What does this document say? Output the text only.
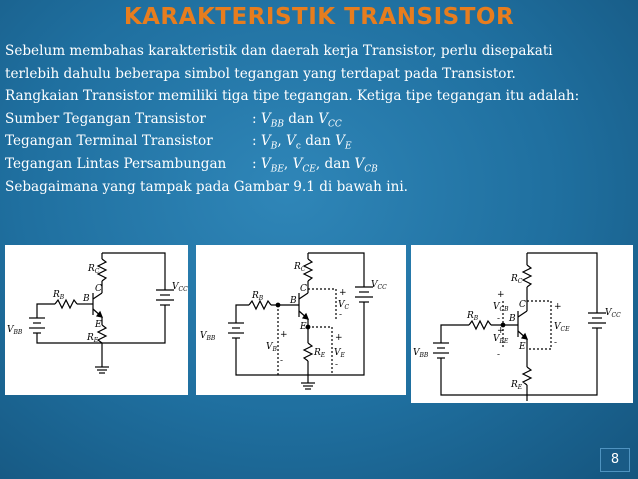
KARAKTERISTIK TRANSISTOR
Sebelum membahas karakteristik dan daerah kerja Transistor, perlu disepakati
terlebih dahulu beberapa simbol tegangan yang terdapat pada Transistor.
Rangkaian Transistor memiliki tiga tipe tegangan. Ketiga tipe tegangan itu adalah:
Sumber Tegangan Transistor	: $V_{BB}$ dan $V_{CC}$
Tegangan Terminal Transistor	: $V_B$, $V_c$ dan $V_E$
Tegangan Lintas Persambungan : $V_{BE}$, $V_{CE}$, dan $V_{CB}$
Sebagaimana yang tampak pada Gambar 9.1 di bawah ini.
$R_C$
C
B
E
$R_E$
$R_B$
$V_{CC}$
$V_{BB}$
$R_C$
C
B
E
$R_E$
$R_B$
$V_{CC}$
$V_{BB}$
$V_C$
$V_B$	$V_E$
+
-
+
-
+
-
$R_C$
C
B
E
$R_E$
$R_B$
$V_{CC}$
$V_{BB}$
$V_{CB}$
$V_{BE}$
$V_{CE}$
+
-
+
-
+
-
8
